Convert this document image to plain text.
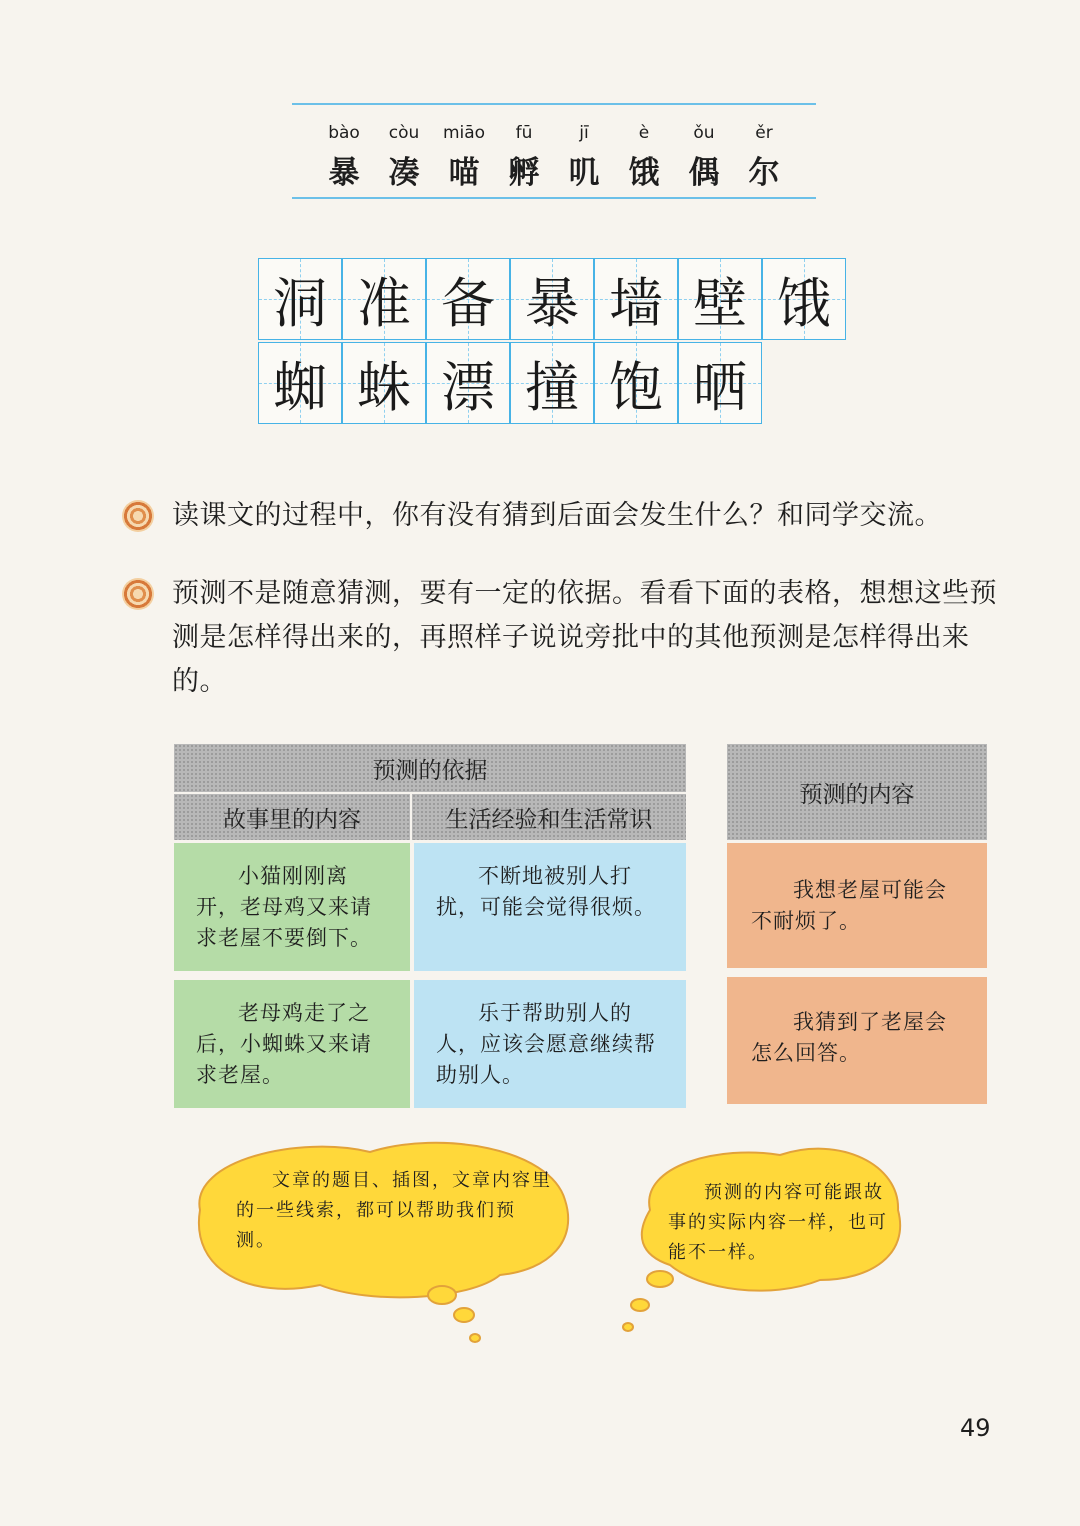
bào
暴
còu
凑
miāo
喵
fū
孵
jī
叽
è
饿
ǒu
偶
ěr
尔
洞 准 备 暴 墙 壁 饿
蜘 蛛 漂 撞 饱 晒
读课文的过程中，你有没有猜到后面会发生什么？和同学交流。
预测不是随意猜测，要有一定的依据。看看下面的表格，想想这些预测是怎样得出来的，再照样子说说旁批中的其他预测是怎样得出来的。
预测的依据
故事里的内容	生活经验和生活常识
预测的内容
小猫刚刚离开，老母鸡又来请求老屋不要倒下。
不断地被别人打扰，可能会觉得很烦。
我想老屋可能会不耐烦了。
老母鸡走了之后，小蜘蛛又来请求老屋。
乐于帮助别人的人，应该会愿意继续帮助别人。
我猜到了老屋会怎么回答。
文章的题目、插图，文章内容里的一些线索，都可以帮助我们预测。
预测的内容可能跟故事的实际内容一样，也可能不一样。
49
